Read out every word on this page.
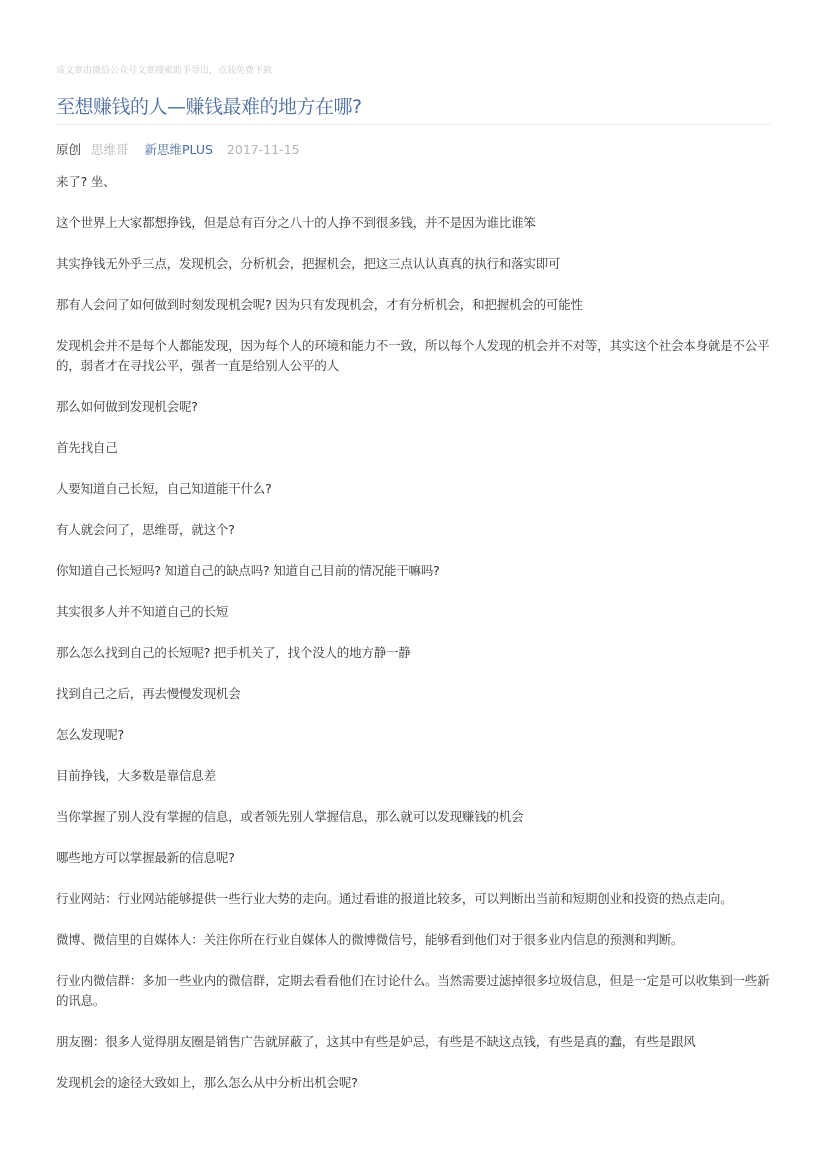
该文章由微信公众号文章搜索助手导出，点我免费下载
至想赚钱的人—赚钱最难的地方在哪?
原创 思维哥 新思维PLUS 2017-11-15

来了? 坐、

这个世界上大家都想挣钱，但是总有百分之八十的人挣不到很多钱，并不是因为谁比谁笨

其实挣钱无外乎三点，发现机会，分析机会，把握机会，把这三点认认真真的执行和落实即可

那有人会问了如何做到时刻发现机会呢? 因为只有发现机会，才有分析机会，和把握机会的可能性

发现机会并不是每个人都能发现，因为每个人的环境和能力不一致，所以每个人发现的机会并不对等，其实这个社会本身就是不公平的，弱者才在寻找公平，强者一直是给别人公平的人

那么如何做到发现机会呢?

首先找自己

人要知道自己长短，自己知道能干什么?

有人就会问了，思维哥，就这个?

你知道自己长短吗? 知道自己的缺点吗? 知道自己目前的情况能干嘛吗?

其实很多人并不知道自己的长短

那么怎么找到自己的长短呢? 把手机关了，找个没人的地方静一静

找到自己之后，再去慢慢发现机会

怎么发现呢?

目前挣钱，大多数是靠信息差

当你掌握了别人没有掌握的信息，或者领先别人掌握信息，那么就可以发现赚钱的机会

哪些地方可以掌握最新的信息呢?

行业网站：行业网站能够提供一些行业大势的走向。通过看谁的报道比较多，可以判断出当前和短期创业和投资的热点走向。

微博、微信里的自媒体人：关注你所在行业自媒体人的微博微信号，能够看到他们对于很多业内信息的预测和判断。

行业内微信群：多加一些业内的微信群，定期去看看他们在讨论什么。当然需要过滤掉很多垃圾信息，但是一定是可以收集到一些新的讯息。

朋友圈：很多人觉得朋友圈是销售广告就屏蔽了，这其中有些是妒忌，有些是不缺这点钱，有些是真的蠢，有些是跟风

发现机会的途径大致如上，那么怎么从中分析出机会呢?
